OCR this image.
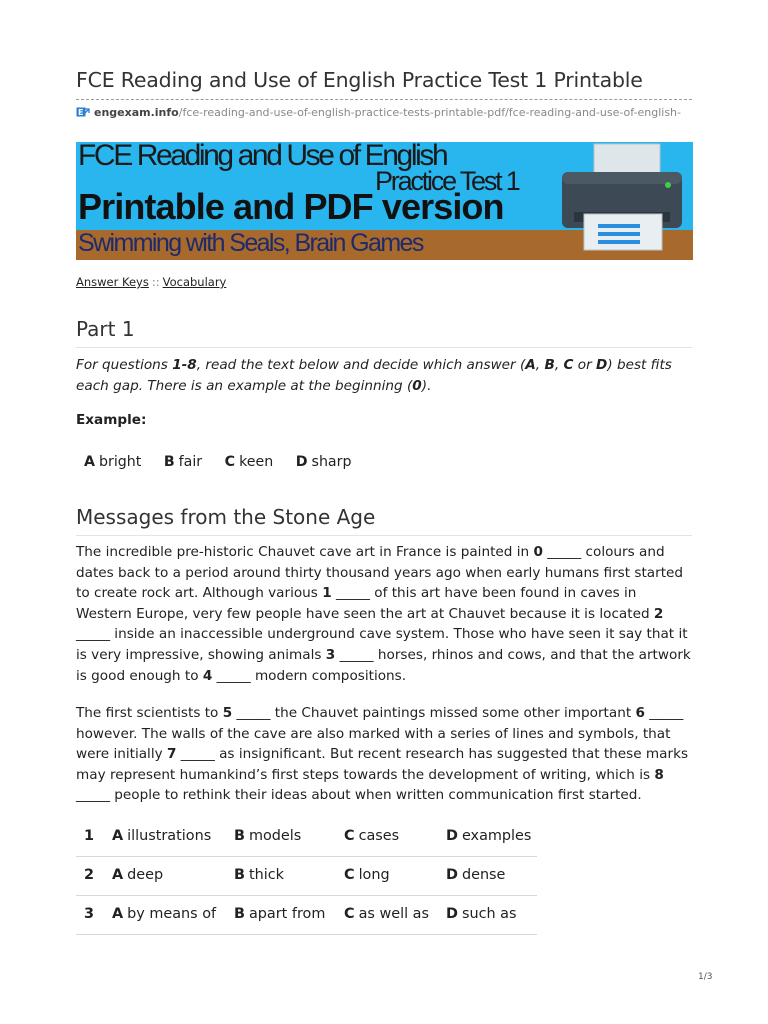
FCE Reading and Use of English Practice Test 1 Printable
E engexam.info/fce-reading-and-use-of-english-practice-tests-printable-pdf/fce-reading-and-use-of-english-
FCE Reading and Use of English
Practice Test 1
Printable and PDF version
Swimming with Seals, Brain Games
Answer Keys :: Vocabulary
Part 1
For questions 1-8, read the text below and decide which answer (A, B, C or D) best fits each gap. There is an example at the beginning (0).
Example:
A bright B fair C keen D sharp
Messages from the Stone Age

The incredible pre-historic Chauvet cave art in France is painted in 0 _____ colours and dates back to a period around thirty thousand years ago when early humans first started to create rock art. Although various 1 _____ of this art have been found in caves in Western Europe, very few people have seen the art at Chauvet because it is located 2 _____ inside an inaccessible underground cave system. Those who have seen it say that it is very impressive, showing animals 3 _____ horses, rhinos and cows, and that the artwork is good enough to 4 _____ modern compositions.

The first scientists to 5 _____ the Chauvet paintings missed some other important 6 _____ however. The walls of the cave are also marked with a series of lines and symbols, that were initially 7 _____ as insignificant. But recent research has suggested that these marks may represent humankind’s first steps towards the development of writing, which is 8 _____ people to rethink their ideas about when written communication first started.

1	A illustrations	B models	C cases	D examples
2	A deep	B thick	C long	D dense
3	A by means of	B apart from	C as well as	D such as
1/3
